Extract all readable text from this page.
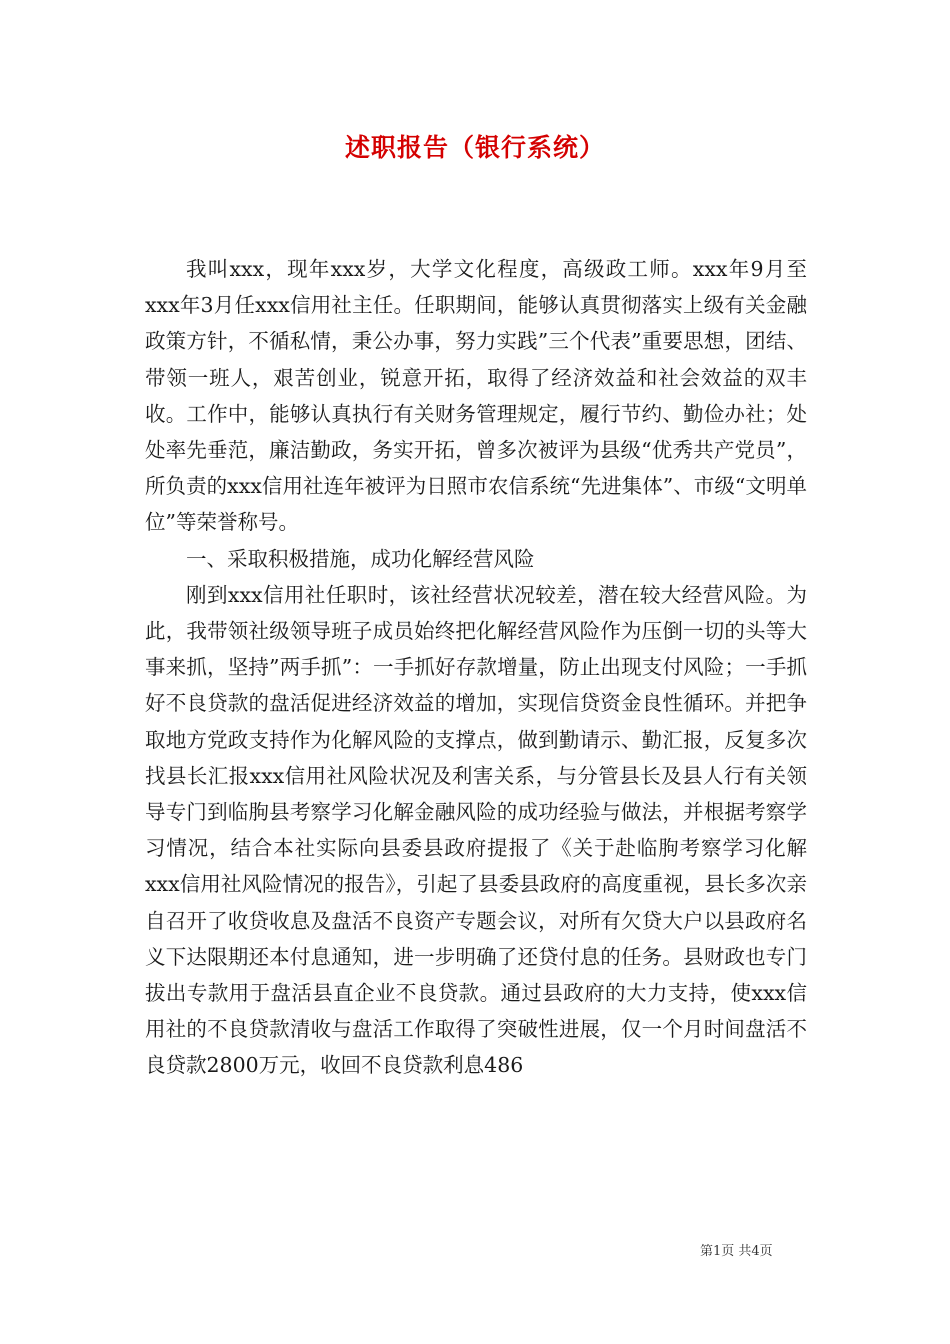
述职报告（银行系统）

我叫xxx，现年xxx岁，大学文化程度，高级政工师。xxx年9月至xxx年3月任xxx信用社主任。任职期间，能够认真贯彻落实上级有关金融政策方针，不循私情，秉公办事，努力实践”三个代表”重要思想，团结、带领一班人，艰苦创业，锐意开拓，取得了经济效益和社会效益的双丰收。工作中，能够认真执行有关财务管理规定，履行节约、勤俭办社；处处率先垂范，廉洁勤政，务实开拓，曾多次被评为县级“优秀共产党员”，所负责的xxx信用社连年被评为日照市农信系统“先进集体”、市级“文明单位”等荣誉称号。

一、采取积极措施，成功化解经营风险

刚到xxx信用社任职时，该社经营状况较差，潜在较大经营风险。为此，我带领社级领导班子成员始终把化解经营风险作为压倒一切的头等大事来抓，坚持”两手抓”：一手抓好存款增量，防止出现支付风险；一手抓好不良贷款的盘活促进经济效益的增加，实现信贷资金良性循环。并把争取地方党政支持作为化解风险的支撑点，做到勤请示、勤汇报，反复多次找县长汇报xxx信用社风险状况及利害关系，与分管县长及县人行有关领导专门到临朐县考察学习化解金融风险的成功经验与做法，并根据考察学习情况，结合本社实际向县委县政府提报了《关于赴临朐考察学习化解xxx信用社风险情况的报告》，引起了县委县政府的高度重视，县长多次亲自召开了收贷收息及盘活不良资产专题会议，对所有欠贷大户以县政府名义下达限期还本付息通知，进一步明确了还贷付息的任务。县财政也专门拔出专款用于盘活县直企业不良贷款。通过县政府的大力支持，使xxx信用社的不良贷款清收与盘活工作取得了突破性进展，仅一个月时间盘活不良贷款2800万元，收回不良贷款利息486

第1页 共4页
